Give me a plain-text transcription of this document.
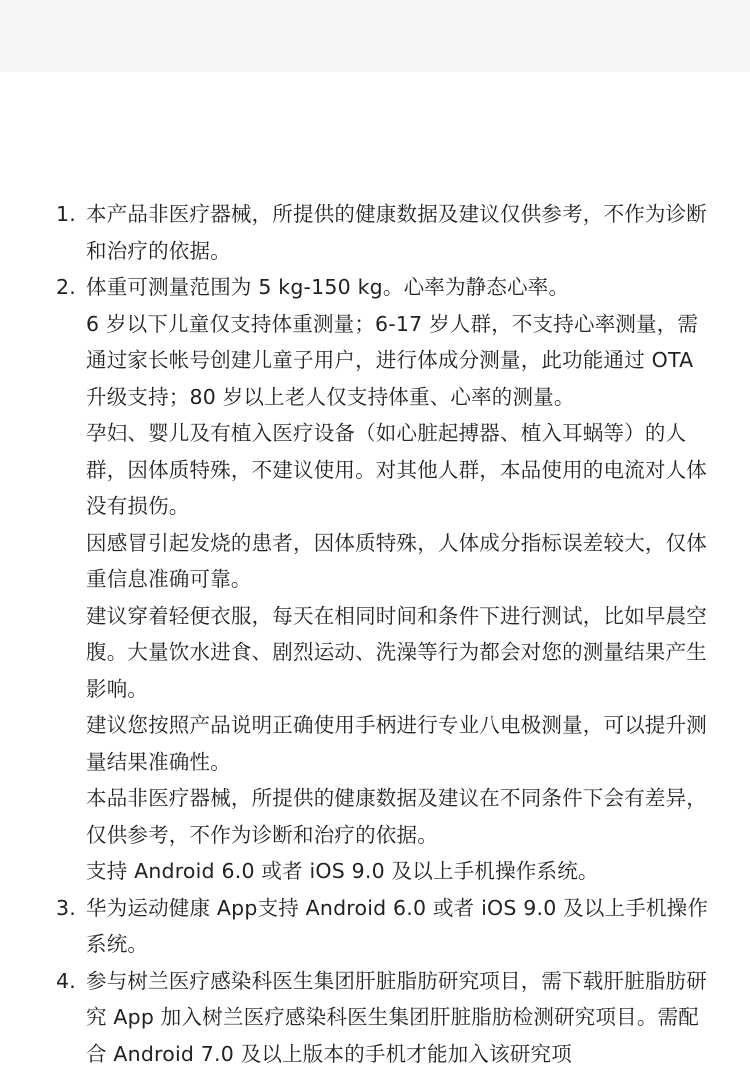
1. 本产品非医疗器械，所提供的健康数据及建议仅供参考，不作为诊断和治疗的依据。

2. 体重可测量范围为 5 kg-150 kg。心率为静态心率。

6 岁以下儿童仅支持体重测量；6-17 岁人群，不支持心率测量，需通过家长帐号创建儿童子用户，进行体成分测量，此功能通过 OTA 升级支持；80 岁以上老人仅支持体重、心率的测量。

孕妇、婴儿及有植入医疗设备（如心脏起搏器、植入耳蜗等）的人群，因体质特殊，不建议使用。对其他人群，本品使用的电流对人体没有损伤。

因感冒引起发烧的患者，因体质特殊，人体成分指标误差较大，仅体重信息准确可靠。

建议穿着轻便衣服，每天在相同时间和条件下进行测试，比如早晨空腹。大量饮水进食、剧烈运动、洗澡等行为都会对您的测量结果产生影响。

建议您按照产品说明正确使用手柄进行专业八电极测量，可以提升测量结果准确性。

本品非医疗器械，所提供的健康数据及建议在不同条件下会有差异，仅供参考，不作为诊断和治疗的依据。

支持 Android 6.0 或者 iOS 9.0 及以上手机操作系统。

3. 华为运动健康 App支持 Android 6.0 或者 iOS 9.0 及以上手机操作系统。

4. 参与树兰医疗感染科医生集团肝脏脂肪研究项目，需下载肝脏脂肪研究 App 加入树兰医疗感染科医生集团肝脏脂肪检测研究项目。需配合 Android 7.0 及以上版本的手机才能加入该研究项
